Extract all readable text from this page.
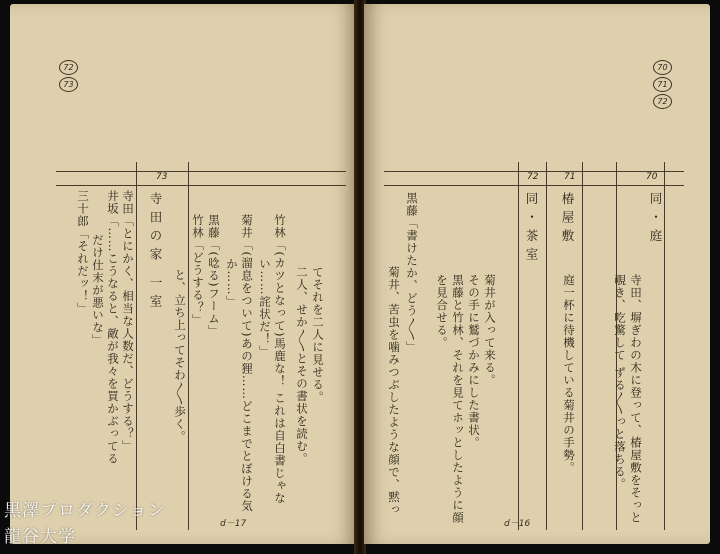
72
73
73
寺田の家 一室
寺田「とにかく、相当な人数だ、どうする？」
井坂「……こうなると、敵が我々を買かぶってる
だけ仕末が悪いな」
三十郎「それだッ！」
てそれを二人に見せる。
二人、せか〳〵とその書状を読む。
竹林「(カツとなって)馬鹿な！ これは自白書じゃな
い……詫状だ！」
菊井「(溜息をついて)あの狸……どこまでとぼける気
か……」
黒藤「(唸る)フーム」
竹林「どうする？」
と、立ち上ってそわ〳〵歩く。
d－17
70
71
72
72	71	70
同・茶室 椿屋敷	同・庭
寺田、塀ぎわの木に登って、椿屋敷をそっと
覗き、吃驚して ずる〳〵っと落ちる。
庭一杯に待機している菊井の手勢。
菊井が入って来る。
その手に鷲づかみにした書状。
黒藤と竹林、それを見てホッとしたように顔
を見合せる。
黒藤「書けたか、どう〳〵」
菊井、苦虫を噛みつぶしたような顔で、黙っ
d－16
黒澤プロダクション
龍谷大学
